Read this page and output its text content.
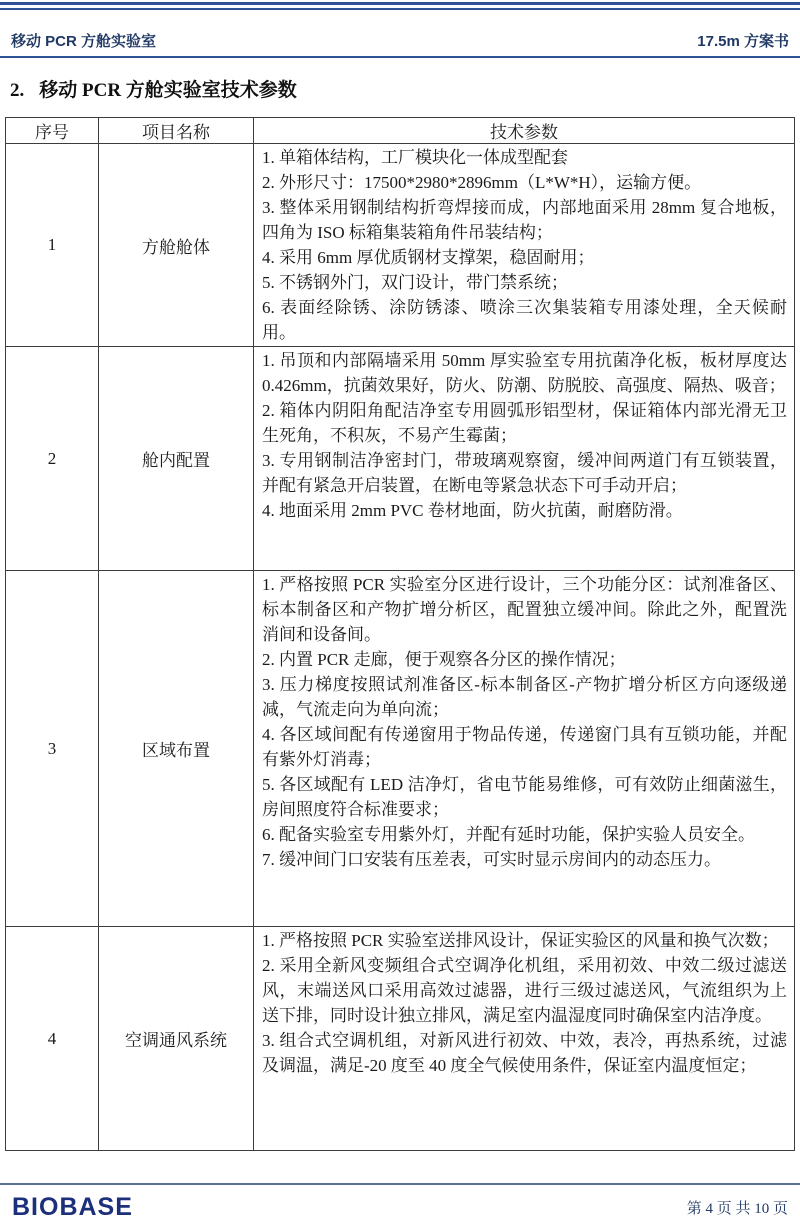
移动 PCR 方舱实验室	17.5m 方案书
2. 移动 PCR 方舱实验室技术参数
序号	项目名称	技术参数
1	方舱舱体	
1. 单箱体结构，工厂模块化一体成型配套
2. 外形尺寸：17500*2980*2896mm（L*W*H），运输方便。
3. 整体采用钢制结构折弯焊接而成，内部地面采用 28mm 复合地板，四角为 ISO 标箱集装箱角件吊装结构；
4. 采用 6mm 厚优质钢材支撑架，稳固耐用；
5. 不锈钢外门，双门设计，带门禁系统；
6. 表面经除锈、涂防锈漆、喷涂三次集装箱专用漆处理，全天候耐用。

2	舱内配置	1. 吊顶和内部隔墙采用 50mm 厚实验室专用抗菌净化板，板材厚度达 0.426mm，抗菌效果好，防火、防潮、防脱胶、高强度、隔热、吸音；
2. 箱体内阴阳角配洁净室专用圆弧形铝型材，保证箱体内部光滑无卫生死角，不积灰，不易产生霉菌；
3. 专用钢制洁净密封门，带玻璃观察窗，缓冲间两道门有互锁装置，并配有紧急开启装置，在断电等紧急状态下可手动开启；
4. 地面采用 2mm PVC 卷材地面，防火抗菌，耐磨防滑。

3	区域布置	
1. 严格按照 PCR 实验室分区进行设计，三个功能分区：试剂准备区、标本制备区和产物扩增分析区，配置独立缓冲间。除此之外，配置洗消间和设备间。
2. 内置 PCR 走廊，便于观察各分区的操作情况；
3. 压力梯度按照试剂准备区-标本制备区-产物扩增分析区方向逐级递减，气流走向为单向流；
4. 各区域间配有传递窗用于物品传递，传递窗门具有互锁功能，并配有紫外灯消毒；
5. 各区域配有 LED 洁净灯，省电节能易维修，可有效防止细菌滋生，房间照度符合标准要求；
6. 配备实验室专用紫外灯，并配有延时功能，保护实验人员安全。
7. 缓冲间门口安装有压差表，可实时显示房间内的动态压力。

4	空调通风系统	1. 严格按照 PCR 实验室送排风设计，保证实验区的风量和换气次数；
2. 采用全新风变频组合式空调净化机组，采用初效、中效二级过滤送风，末端送风口采用高效过滤器，进行三级过滤送风，气流组织为上送下排，同时设计独立排风，满足室内温湿度同时确保室内洁净度。
3. 组合式空调机组，对新风进行初效、中效，表冷，再热系统，过滤及调温，满足-20 度至 40 度全气候使用条件，保证室内温度恒定；
BIOBASE	第 4 页 共 10 页
